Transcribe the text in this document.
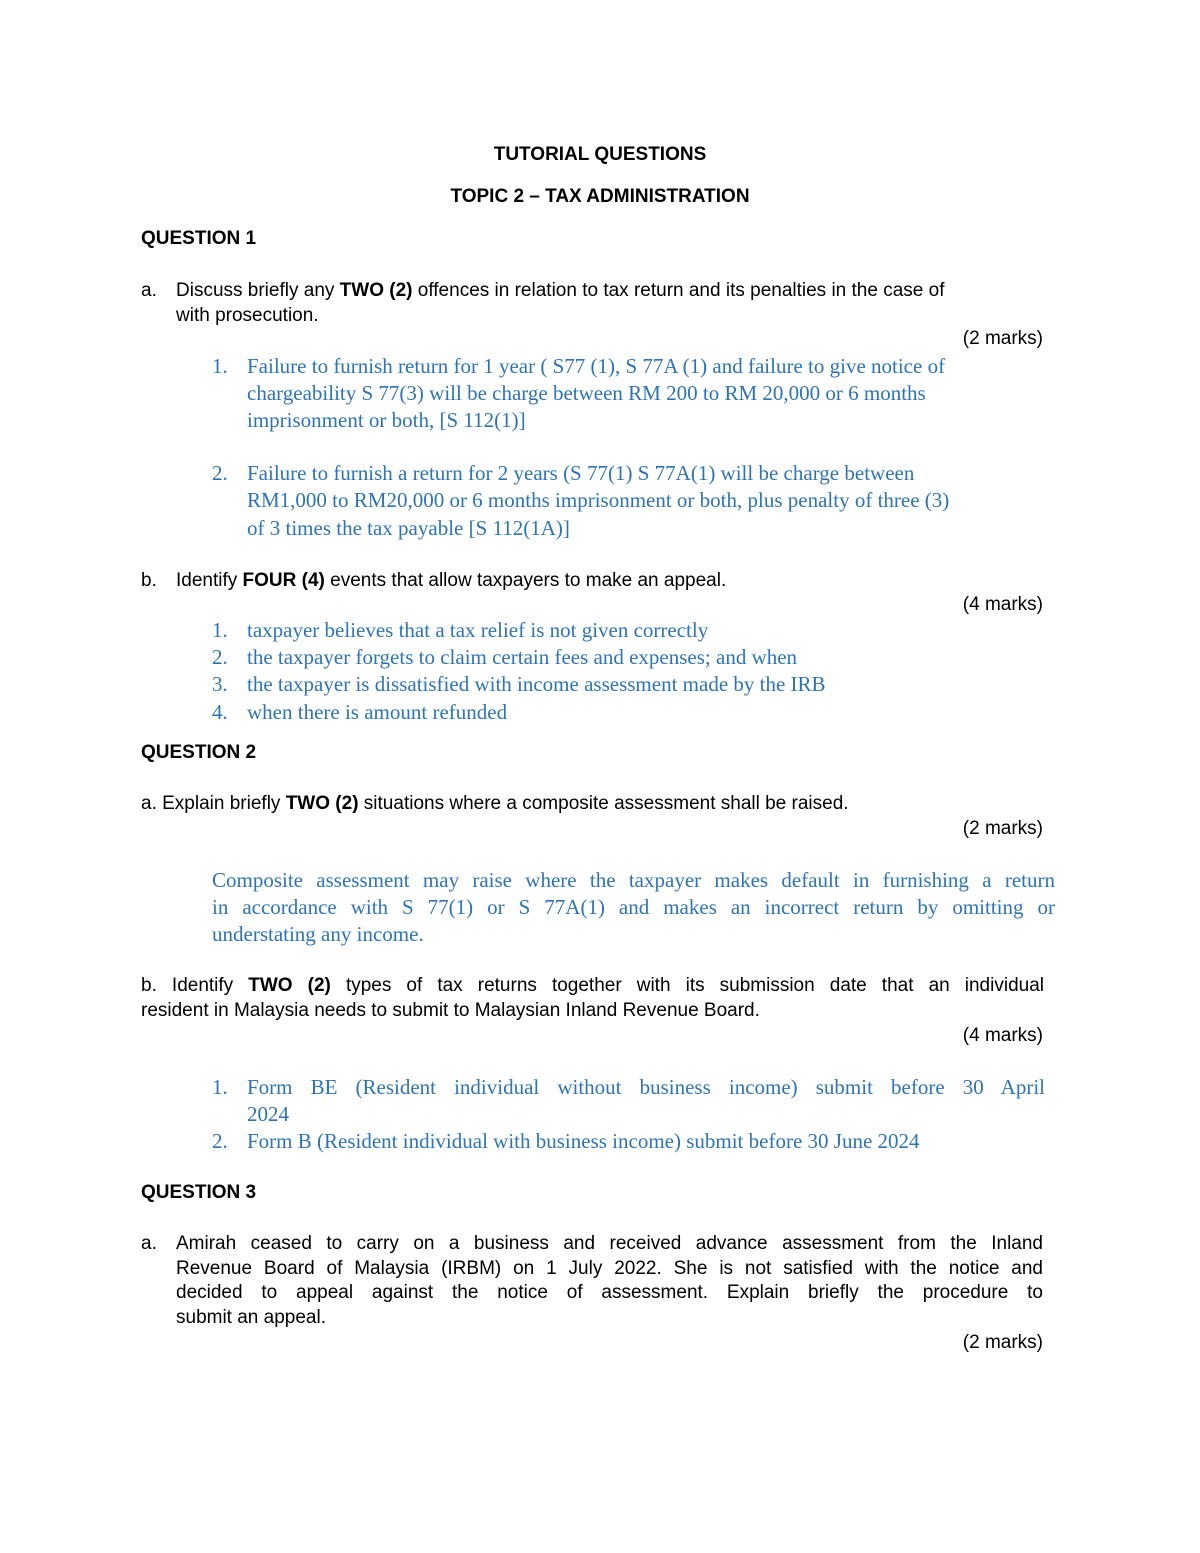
TUTORIAL QUESTIONS

TOPIC 2 – TAX ADMINISTRATION

QUESTION 1

a. Discuss briefly any TWO (2) offences in relation to tax return and its penalties in the case of

with prosecution.

(2 marks)

1. Failure to furnish return for 1 year ( S77 (1), S 77A (1) and failure to give notice of

chargeability S 77(3) will be charge between RM 200 to RM 20,000 or 6 months

imprisonment or both, [S 112(1)]

2. Failure to furnish a return for 2 years (S 77(1) S 77A(1) will be charge between

RM1,000 to RM20,000 or 6 months imprisonment or both, plus penalty of three (3)

of 3 times the tax payable [S 112(1A)]

b. Identify FOUR (4) events that allow taxpayers to make an appeal.

(4 marks)

1. taxpayer believes that a tax relief is not given correctly

2. the taxpayer forgets to claim certain fees and expenses; and when

3. the taxpayer is dissatisfied with income assessment made by the IRB

4. when there is amount refunded

QUESTION 2

a. Explain briefly TWO (2) situations where a composite assessment shall be raised.

(2 marks)

Composite assessment may raise where the taxpayer makes default in furnishing a return

in accordance with S 77(1) or S 77A(1) and makes an incorrect return by omitting or

understating any income.

b. Identify TWO (2) types of tax returns together with its submission date that an individual

resident in Malaysia needs to submit to Malaysian Inland Revenue Board.

(4 marks)

1. Form BE (Resident individual without business income) submit before 30 April

2024

2. Form B (Resident individual with business income) submit before 30 June 2024

QUESTION 3

a. Amirah ceased to carry on a business and received advance assessment from the Inland

Revenue Board of Malaysia (IRBM) on 1 July 2022. She is not satisfied with the notice and

decided to appeal against the notice of assessment. Explain briefly the procedure to

submit an appeal.

(2 marks)
